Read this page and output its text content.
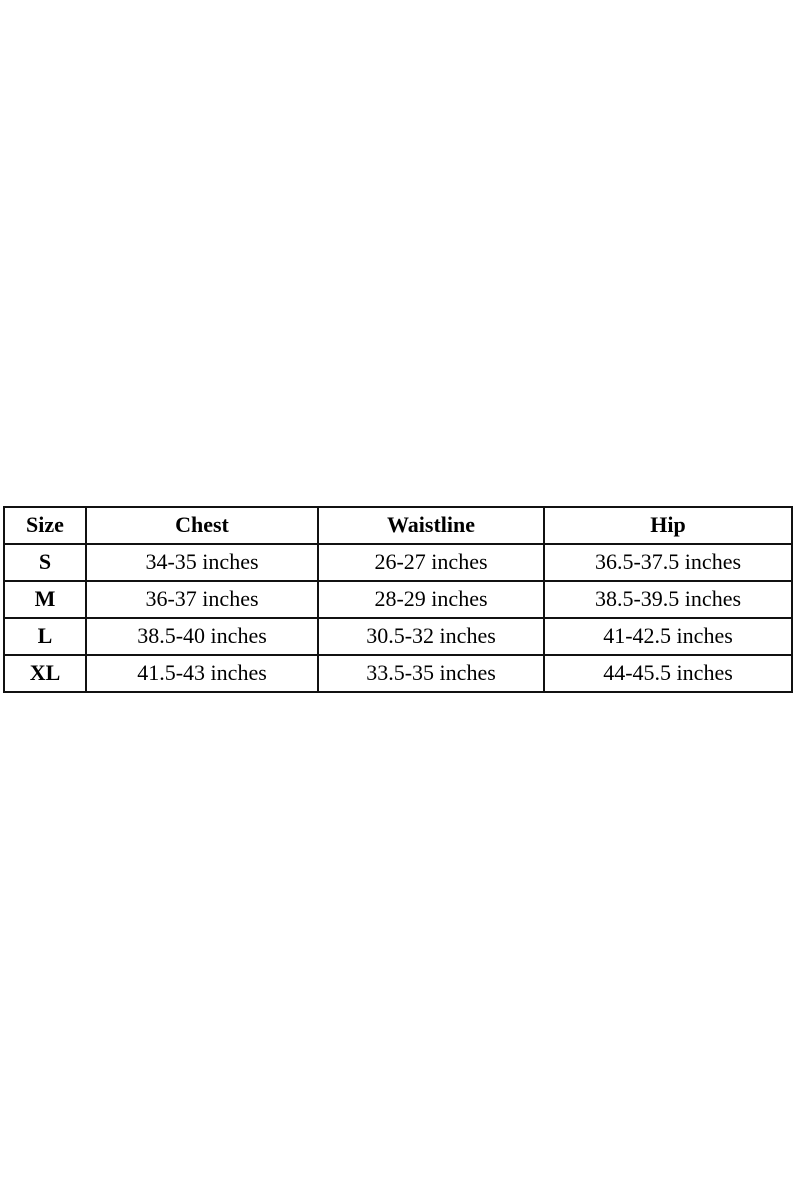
Size	Chest	Waistline	Hip
S	34-35 inches	26-27 inches	36.5-37.5 inches
M	36-37 inches	28-29 inches	38.5-39.5 inches
L	38.5-40 inches	30.5-32 inches	41-42.5 inches
XL	41.5-43 inches	33.5-35 inches	44-45.5 inches
